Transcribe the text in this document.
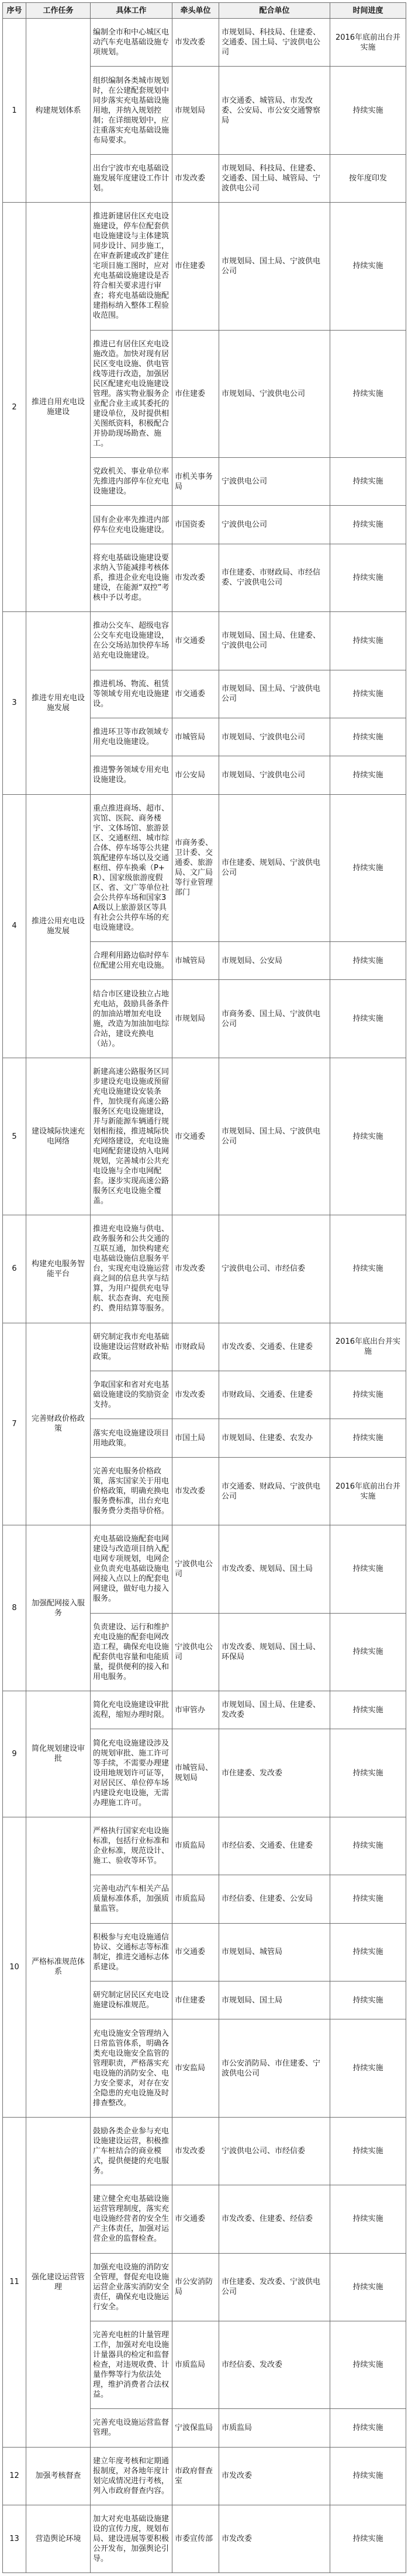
序号	工作任务	具体工作	牵头单位	配合单位	时间进度
1	构建规划体系	编制全市和中心城区电动汽车充电基础设施专项规划。	市发改委	市规划局、科技局、住建委、交通委、国土局、宁波供电公司	2016年底前出台并实施
		组织编制各类城市规划时，在公建配套规划中同步落实充电基础设施用地，并纳入规划控制；在详细规划中，应注重落实充电基础设施布局要求。	市规划局	市交通委、城管局、市发改委、公安局、市公安交通警察局	持续实施
		出台宁波市充电基础设施发展年度建设工作计划。	市发改委	市规划局、科技局、住建委、交通委、国土局、城管局、宁波供电公司	按年度印发
2	推进自用充电设施建设	推进新建居住区充电设施建设，停车位配套供电设施建设与主体建筑同步设计、同步施工，在审查新建或改扩建住宅项目施工图时，应对充电基础设施建设是否符合相关要求进行审查；将充电基础设施配建指标纳入整体工程验收范围。	市住建委	市规划局、国土局、宁波供电公司	持续实施
		推进已有居住区充电设施改造。加快对现有居民区变电设施、供电管线等进行改造，加强居民区配建充电设施建设管理。落实物业服务企业配合业主或其委托的建设单位，及时提供相关图纸资料，积极配合并协助现场勘查、施工。	市住建委	市规划局、宁波供电公司	持续实施
		党政机关、事业单位率先推进内部停车位充电设施建设。	市机关事务局	宁波供电公司	持续实施
		国有企业率先推进内部停车位充电设施建设。	市国资委	宁波供电公司	持续实施
		将充电基础设施建设要求纳入节能减排考核体系，推进企业充电设施建设，在能源“双控”考核中予以考虑。	市发改委	市住建委、市财政局、市经信委、宁波供电公司	持续实施
3	推进专用充电设施发展	推动公交车、超级电容公交车充电设施建设，在公交场站加快停车场站充电设施建设。	市交通委	市规划局、国土局、住建委、宁波供电公司	持续实施
		推进机场、物流、租赁等领域专用充电设施建设。	市交通委	市规划局、国土局、宁波供电公司	持续实施
		推进环卫等市政领域专用充电设施建设。	市城管局	市规划局、宁波供电公司	持续实施
		推进警务领域专用充电设施建设。	市公安局	市规划局、宁波供电公司	持续实施
4	推进公用充电设施发展	重点推进商场、超市、宾馆、医院、商务楼宇、文体场馆、旅游景区、交通枢纽、城市综合体、停车场等公共建筑配建停车场以及交通枢纽、停车换乘（P+R）、国家级旅游度假区、省、文广等单位社会公共停车场和国家3A级以上旅游景区等具有社会公共停车场的充电设施建设。	市商务委、卫计委、交通委、旅游局、文广局等行业管理部门	市住建委、规划局、宁波供电公司	持续实施
		合理利用路边临时停车位配建公用充电设施。	市城管局	市规划局、公安局	持续实施
		结合市区建设独立占地充电站，鼓励具备条件的加油站增加充电设施，改造为加油加电综合站，建设充换电（站）。	市规划局	市商务委、国土局、宁波供电公司	持续实施
5	建设城际快速充电网络	新建高速公路服务区同步建设充电设施或预留充电设施建设安装条件，加快现有高速公路服务区充电设施建设，并与新能源车辆通行规划相衔接，推进城际快充网络建设，充电设施电网配套建设纳入电网规划，完善城市公共充电设施与全市电网配套。逐步实现高速公路服务区充电设施全覆盖。	市交通委	市规划局、国土局、宁波供电公司	持续实施
6	构建充电服务智能平台	推进充电设施与供电、政务服务和公共交通的互联互通，加快构建充电基础设施信息服务平台，实现充电设施运营商之间的信息共享与结算，为用户提供充电导航、状态查询、充电预约、费用结算等服务。	市发改委	宁波供电公司、市经信委	持续实施
7	完善财政价格政策	研究制定我市充电基础设施建设运营财政补贴政策。	市财政局	市发改委、交通委、住建委	2016年底出台并实施
		争取国家和省对充电基础设施建设的奖励资金支持。	市发改委	市财政局、交通委、住建委	持续实施
		落实充电设施建设项目用地政策。	市国土局	市规划局、住建委、农发办	持续实施
		完善充电服务价格政策，落实国家关于用电价格政策，明确充换电服务费标准，出台充电服务费分类指导价格。	市发改委	市交通委、财政局、宁波供电公司	2016年底前出台并实施
8	加强配网接入服务	充电基础设施配套电网建设与改造项目纳入配电网专项规划，电网企业负责充电基础设施电网接入点以上的配套电网建设，做好电力接入服务。	宁波供电公司	市发改委、规划局、国土局	持续实施
		负责建设、运行和维护充电设施的配套电网改造工程，确保充电设施配套供电容量和电能质量，提供便利的接入和用电服务。	宁波供电公司	市发改委、规划局、国土局、环保局	持续实施
9	简化规划建设审批	简化充电设施建设审批流程，缩短办理时限。	市审管办	市规划局、国土局、住建委、发改委	持续实施
		简化充电设施建设涉及的规划审批、施工许可等手续，不需要办理建设用地规划许可证等，对居民区、单位停车场内建设充电设施，无需办理施工许可。	市城管局、规划局	市住建委、发改委	持续实施
10	严格标准规范体系	严格执行国家充电设施标准，包括行业标准和企业标准，规范设计、施工、验收等环节。	市质监局	市经信委、交通委、住建委	持续实施
		完善电动汽车相关产品质量标准体系，加强质量监管。	市质监局	市经信委、住建委、公安局	持续实施
		积极参与充电设施通信协议、交通标志等标准制定，推进交通标志体系建设。	市交通委	市规划局、城管局	持续实施
		研究制定居民区充电设施建设标准规范。	市住建委	市规划局、国土局	持续实施
		充电设施安全管理纳入日常监管体系，明确各类充电设施安全监管的管理职责，严格落实充电设施的消防安全、电力安全要求，对存在安全隐患的充电设施及时排查整改。	市安监局	市公安消防局、市住建委、宁波供电公司	持续实施
11	强化建设运营管理	鼓励各类企业参与充电设施建设运营，积极推广车桩结合的商业模式，提供便捷的充电服务。	市发改委	宁波供电公司、市经信委	持续实施
		建立健全充电基础设施运营管理制度，落实充电设施经营者的安全生产主体责任，加强对运营企业的监督检查。	市交通委	市发改委、住建委、经信委	持续实施
		加强充电设施的消防安全管理，督促充电设施运营企业落实消防安全责任，确保充电设施运行安全。	市公安消防局	市住建委、发改委、宁波供电公司	持续实施
		完善充电桩的计量管理工作，加强对充电设施计量器具的检定和监督检查，对违规收费、计量作弊等行为依法处理，维护消费者合法权益。	市质监局	市经信委、发改委	持续实施
		完善充电设施运营监督管理。	宁波保监局	市质监局	持续实施
12	加强考核督查	建立年度考核和定期通报制度，对各地年度计划完成情况进行考核，列入市政府督查内容。	市政府督查室	市发改委	持续实施
13	营造舆论环境	加大对充电基础设施建设的宣传力度，规划布局、建设进展等要积极公开发布，加强舆论引导。	市委宣传部	市发改委	持续实施
